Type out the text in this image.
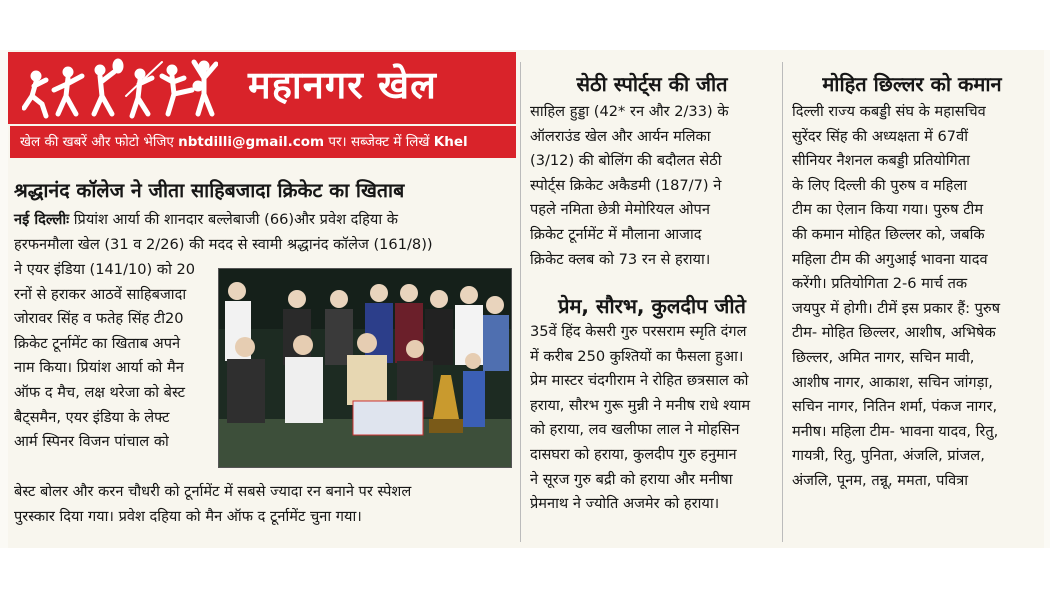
महानगर खेल
खेल की खबरें और फोटो भेजिए nbtdilli@gmail.com पर। सब्जेक्ट में लिखें Khel
श्रद्धानंद कॉलेज ने जीता साहिबजादा क्रिकेट का खिताब
नई दिल्लीः प्रियांश आर्या की शानदार बल्लेबाजी (66)और प्रवेश दहिया के
हरफनमौला खेल (31 व 2/26) की मदद से स्वामी श्रद्धानंद कॉलेज (161/8))
ने एयर इंडिया (141/10) को 20
रनों से हराकर आठवें साहिबजादा
जोरावर सिंह व फतेह सिंह टी20
क्रिकेट टूर्नामेंट का खिताब अपने
नाम किया। प्रियांश आर्या को मैन
ऑफ द मैच, लक्ष थरेजा को बेस्ट
बैट्समैन, एयर इंडिया के लेफ्ट
आर्म स्पिनर विजन पांचाल को
बेस्ट बोलर और करन चौधरी को टूर्नामेंट में सबसे ज्यादा रन बनाने पर स्पेशल
पुरस्कार दिया गया। प्रवेश दहिया को मैन ऑफ द टूर्नामेंट चुना गया।
सेठी स्पोर्ट्स की जीत
साहिल हुड्डा (42* रन और 2/33) के
ऑलराउंड खेल और आर्यन मलिका
(3/12) की बोलिंग की बदौलत सेठी
स्पोर्ट्स क्रिकेट अकैडमी (187/7) ने
पहले नमिता छेत्री मेमोरियल ओपन
क्रिकेट टूर्नामेंट में मौलाना आजाद
क्रिकेट क्लब को 73 रन से हराया।
प्रेम, सौरभ, कुलदीप जीते
35वें हिंद केसरी गुरु परसराम स्मृति दंगल
में करीब 250 कुश्तियों का फैसला हुआ।
प्रेम मास्टर चंदगीराम ने रोहित छत्रसाल को
हराया, सौरभ गुरू मुन्नी ने मनीष राधे श्याम
को हराया, लव खलीफा लाल ने मोहसिन
दासघरा को हराया, कुलदीप गुरु हनुमान
ने सूरज गुरु बद्री को हराया और मनीषा
प्रेमनाथ ने ज्योति अजमेर को हराया।
मोहित छिल्लर को कमान
दिल्ली राज्य कबड्डी संघ के महासचिव
सुरेंदर सिंह की अध्यक्षता में 67वीं
सीनियर नैशनल कबड्डी प्रतियोगिता
के लिए दिल्ली की पुरुष व महिला
टीम का ऐलान किया गया। पुरुष टीम
की कमान मोहित छिल्लर को, जबकि
महिला टीम की अगुआई भावना यादव
करेंगी। प्रतियोगिता 2-6 मार्च तक
जयपुर में होगी। टीमें इस प्रकार हैं: पुरुष
टीम- मोहित छिल्लर, आशीष, अभिषेक
छिल्लर, अमित नागर, सचिन मावी,
आशीष नागर, आकाश, सचिन जांगड़ा,
सचिन नागर, नितिन शर्मा, पंकज नागर,
मनीष। महिला टीम- भावना यादव, रितु,
गायत्री, रितु, पुनिता, अंजलि, प्रांजल,
अंजलि, पूनम, तन्नू, ममता, पवित्रा
